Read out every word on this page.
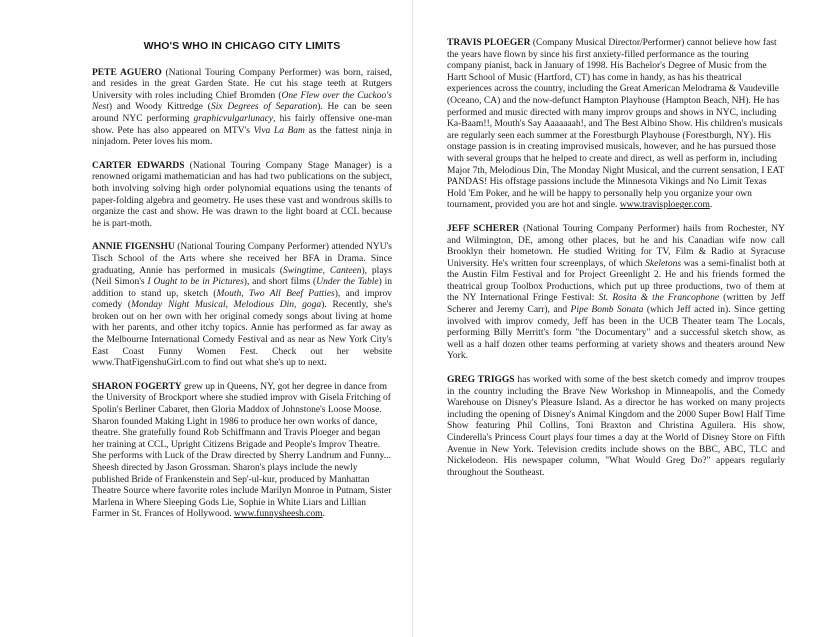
WHO'S WHO IN CHICAGO CITY LIMITS

PETE AGUERO (National Touring Company Performer) was born, raised, and resides in the great Garden State. He cut his stage teeth at Rutgers University with roles including Chief Bromden (One Flew over the Cuckoo's Nest) and Woody Kittredge (Six Degrees of Separation). He can be seen around NYC performing graphicvulgarlunacy, his fairly offensive one-man show. Pete has also appeared on MTV's Viva La Bam as the fattest ninja in ninjadom. Peter loves his mom.

CARTER EDWARDS (National Touring Company Stage Manager) is a renowned origami mathematician and has had two publications on the subject, both involving solving high order polynomial equations using the tenants of paper-folding algebra and geometry. He uses these vast and wondrous skills to organize the cast and show. He was drawn to the light board at CCL because he is part-moth.

ANNIE FIGENSHU (National Touring Company Performer) attended NYU's Tisch School of the Arts where she received her BFA in Drama. Since graduating, Annie has performed in musicals (Swingtime, Canteen), plays (Neil Simon's I Ought to be in Pictures), and short films (Under the Table) in addition to stand up, sketch (Mouth, Two All Beef Patties), and improv comedy (Monday Night Musical, Melodious Din, goga). Recently, she's broken out on her own with her original comedy songs about living at home with her parents, and other itchy topics. Annie has performed as far away as the Melbourne International Comedy Festival and as near as New York City's East Coast Funny Women Fest. Check out her website www.ThatFigenshuGirl.com to find out what she's up to next.

SHARON FOGERTY grew up in Queens, NY, got her degree in dance from the University of Brockport where she studied improv with Gisela Fritching of Spolin's Berliner Cabaret, then Gloria Maddox of Johnstone's Loose Moose. Sharon founded Making Light in 1986 to produce her own works of dance, theatre. She gratefully found Rob Schiffmann and Travis Ploeger and began her training at CCL, Upright Citizens Brigade and People's Improv Theatre. She performs with Luck of the Draw directed by Sherry Landrum and Funny... Sheesh directed by Jason Grossman. Sharon's plays include the newly published Bride of Frankenstein and Sep'-ul-kur, produced by Manhattan Theatre Source where favorite roles include Marilyn Monroe in Putnam, Sister Marlena in Where Sleeping Gods Lie, Sophie in White Liars and Lillian Farmer in St. Frances of Hollywood. www.funnysheesh.com.

TRAVIS PLOEGER (Company Musical Director/Performer) cannot believe how fast the years have flown by since his first anxiety-filled performance as the touring company pianist, back in January of 1998. His Bachelor's Degree of Music from the Hartt School of Music (Hartford, CT) has come in handy, as has his theatrical experiences across the country, including the Great American Melodrama & Vaudeville (Oceano, CA) and the now-defunct Hampton Playhouse (Hampton Beach, NH). He has performed and music directed with many improv groups and shows in NYC, including Ka-Baam!!, Mouth's Say Aaaaaaah!, and The Best Albino Show. His children's musicals are regularly seen each summer at the Forestburgh Playhouse (Forestburgh, NY). His onstage passion is in creating improvised musicals, however, and he has pursued those with several groups that he helped to create and direct, as well as perform in, including Major 7th, Melodious Din, The Monday Night Musical, and the current sensation, I EAT PANDAS! His offstage passions include the Minnesota Vikings and No Limit Texas Hold 'Em Poker, and he will be happy to personally help you organize your own tournament, provided you are hot and single. www.travisploeger.com.

JEFF SCHERER (National Touring Company Performer) hails from Rochester, NY and Wilmington, DE, among other places, but he and his Canadian wife now call Brooklyn their hometown. He studied Writing for TV, Film & Radio at Syracuse University. He's written four screenplays, of which Skeletons was a semi-finalist both at the Austin Film Festival and for Project Greenlight 2. He and his friends formed the theatrical group Toolbox Productions, which put up three productions, two of them at the NY International Fringe Festival: St. Rosita & the Francophone (written by Jeff Scherer and Jeremy Carr), and Pipe Bomb Sonata (which Jeff acted in). Since getting involved with improv comedy, Jeff has been in the UCB Theater team The Locals, performing Billy Merritt's form "the Documentary" and a successful sketch show, as well as a half dozen other teams performing at variety shows and theaters around New York.

GREG TRIGGS has worked with some of the best sketch comedy and improv troupes in the country including the Brave New Workshop in Minneapolis, and the Comedy Warehouse on Disney's Pleasure Island. As a director he has worked on many projects including the opening of Disney's Animal Kingdom and the 2000 Super Bowl Half Time Show featuring Phil Collins, Toni Braxton and Christina Aguilera. His show, Cinderella's Princess Court plays four times a day at the World of Disney Store on Fifth Avenue in New York. Television credits include shows on the BBC, ABC, TLC and Nickelodeon. His newspaper column, "What Would Greg Do?" appears regularly throughout the Southeast.
